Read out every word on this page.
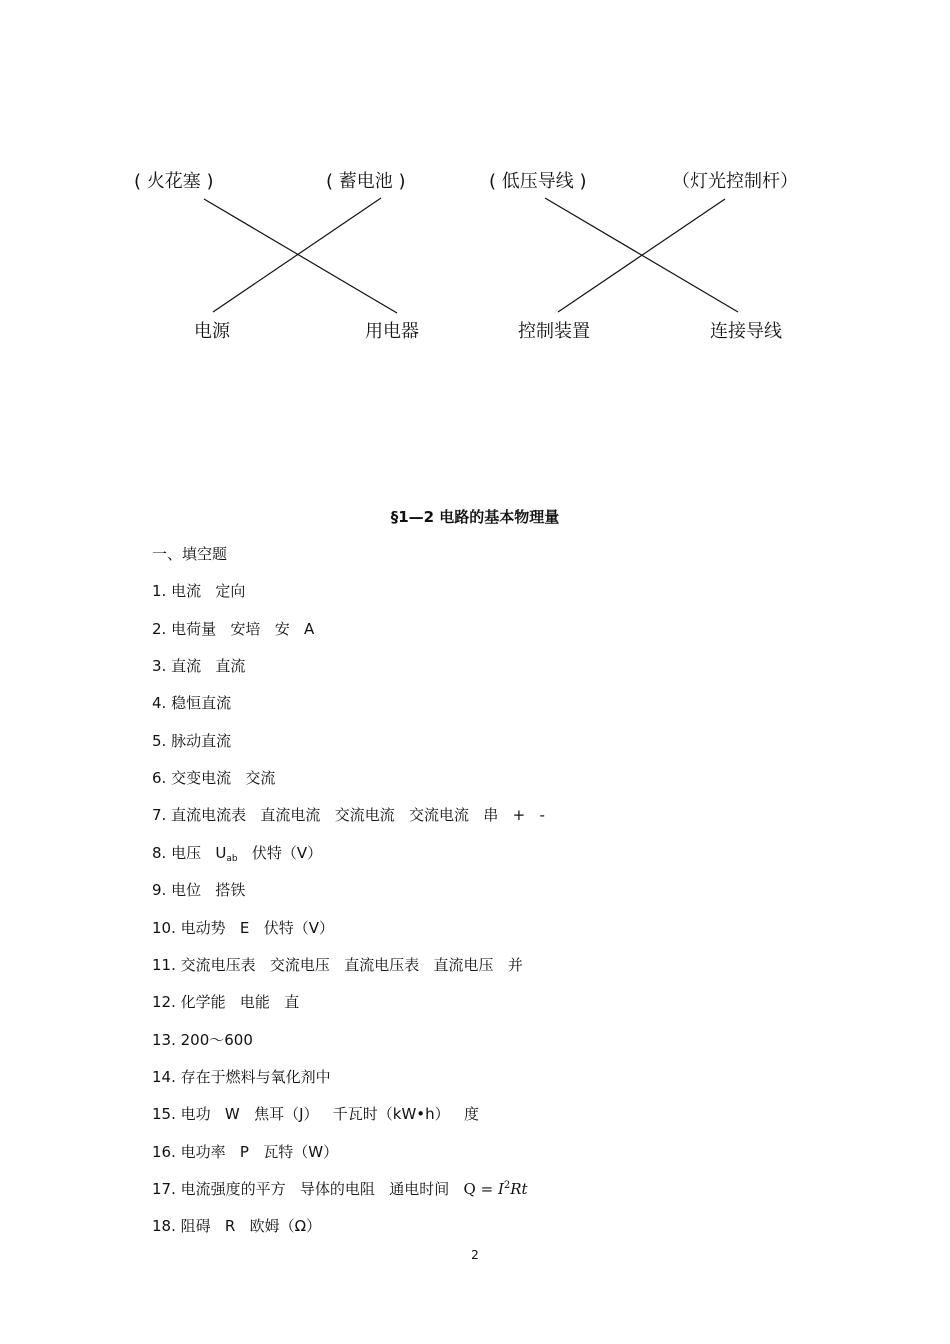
( 火花塞 )	( 蓄电池 )	( 低压导线 )	（灯光控制杆）
电源	用电器	控制装置	连接导线
§1—2 电路的基本物理量
一、填空题
1. 电流   定向
2. 电荷量   安培   安   A
3. 直流   直流
4. 稳恒直流
5. 脉动直流
6. 交变电流   交流
7. 直流电流表   直流电流   交流电流   交流电流   串   +   -
8. 电压   $U_{ab}$   伏特（V）
9. 电位   搭铁
10. 电动势   E   伏特（V）
11. 交流电压表   交流电压   直流电压表   直流电压   并
12. 化学能   电能   直
13. 200～600
14. 存在于燃料与氧化剂中
15. 电功   W   焦耳（J）   千瓦时（kW•h）   度
16. 电功率   P   瓦特（W）
17. 电流强度的平方   导体的电阻   通电时间   $Q = I^2Rt$
18. 阻碍   R   欧姆（Ω）
2
